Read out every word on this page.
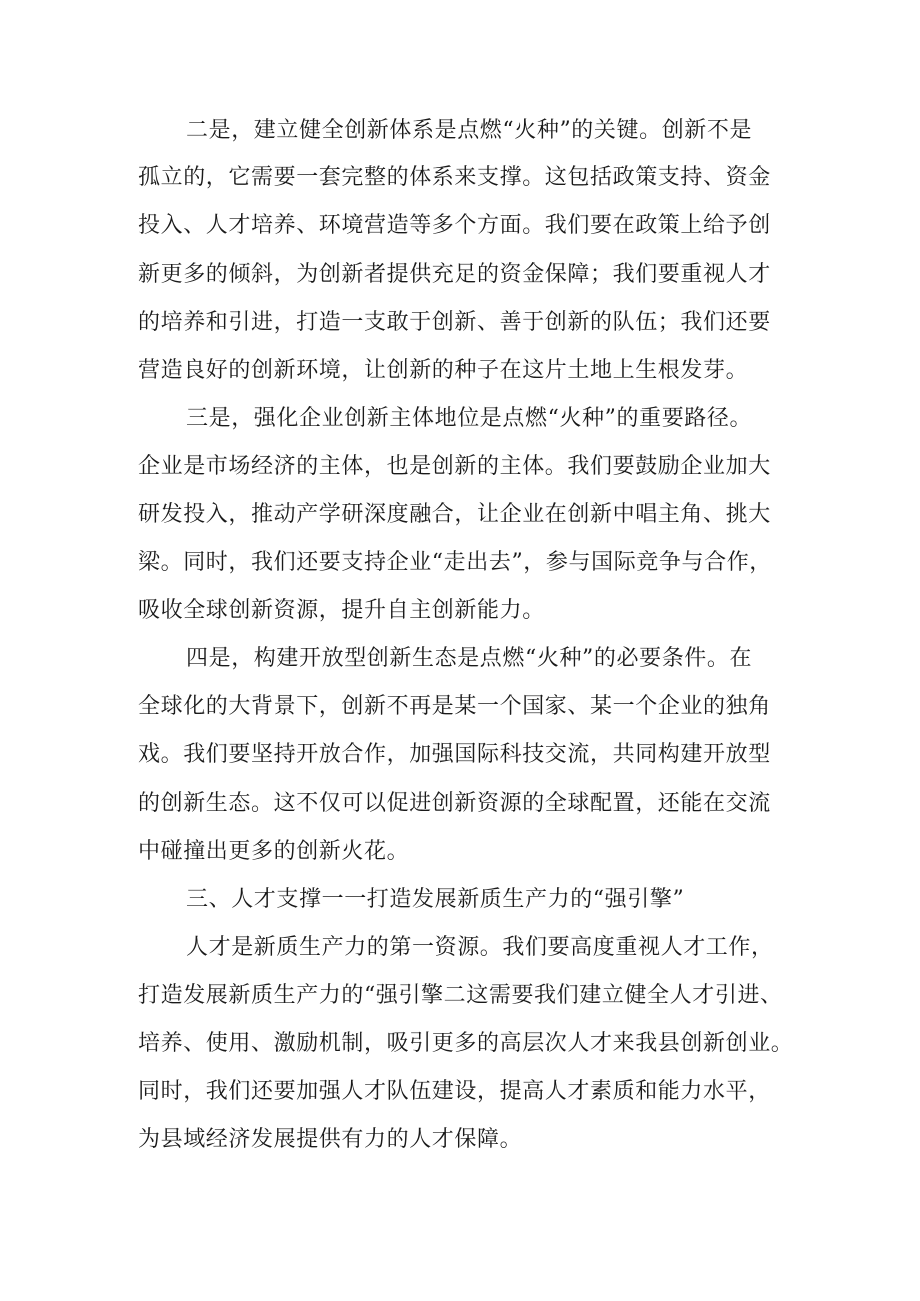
二是，建立健全创新体系是点燃“火种”的关键。创新不是
孤立的，它需要一套完整的体系来支撑。这包括政策支持、资金
投入、人才培养、环境营造等多个方面。我们要在政策上给予创
新更多的倾斜，为创新者提供充足的资金保障；我们要重视人才
的培养和引进，打造一支敢于创新、善于创新的队伍；我们还要
营造良好的创新环境，让创新的种子在这片土地上生根发芽。
三是，强化企业创新主体地位是点燃“火种”的重要路径。
企业是市场经济的主体，也是创新的主体。我们要鼓励企业加大
研发投入，推动产学研深度融合，让企业在创新中唱主角、挑大
梁。同时，我们还要支持企业“走出去”，参与国际竞争与合作，
吸收全球创新资源，提升自主创新能力。
四是，构建开放型创新生态是点燃“火种”的必要条件。在
全球化的大背景下，创新不再是某一个国家、某一个企业的独角
戏。我们要坚持开放合作，加强国际科技交流，共同构建开放型
的创新生态。这不仅可以促进创新资源的全球配置，还能在交流
中碰撞出更多的创新火花。
三、人才支撑一一打造发展新质生产力的“强引擎”
人才是新质生产力的第一资源。我们要高度重视人才工作，
打造发展新质生产力的“强引擎二这需要我们建立健全人才引进、
培养、使用、激励机制，吸引更多的高层次人才来我县创新创业。
同时，我们还要加强人才队伍建设，提高人才素质和能力水平，
为县域经济发展提供有力的人才保障。
